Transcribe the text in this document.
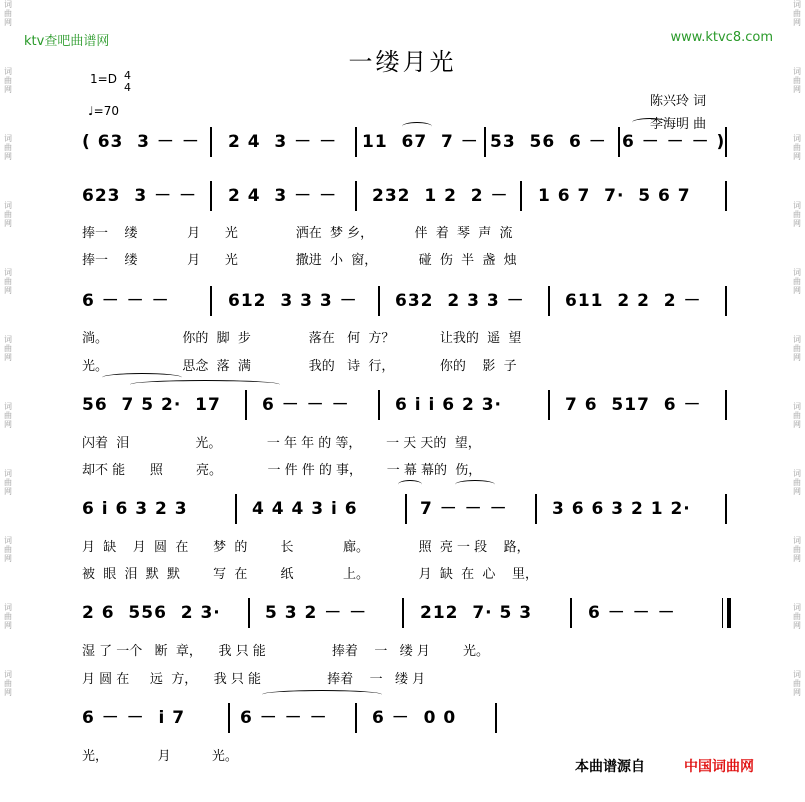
词
曲
网
词
曲
网
词
曲
网
词
曲
网
词
曲
网
词
曲
网
词
曲
网
词
曲
网
词
曲
网
词
曲
网
词
曲
网
词
曲
网
词
曲
网
词
曲
网
词
曲
网
词
曲
网
词
曲
网
词
曲
网
词
曲
网
词
曲
网
词
曲
网
词
曲
网
ktv查吧曲谱网	www.ktvc8.com
一缕月光
1=D 4
4
♩=70
陈兴玲 词
李海明 曲
( 63  3 － － 2 4  3 － － 11  67  7 － 53  56  6 － 6 － － － )
623  3 － － 2 4  3 － － 232  1 2  2 － 1 6 7  7·  5 6 7
捧一    缕            月      光              洒在  梦 乡，          伴  着  琴  声  流
捧一    缕            月      光              撒进  小  窗，          碰  伤  半  盏  烛
6 － － －	612  3 3 3 － 632  2 3 3 － 611  2 2  2 －
淌。                  你的  脚  步              落在   何  方？           让我的  遥  望
光。                  思念  落  满              我的   诗  行，           你的    影  子
56  7 5 2·  17 6 － － －	6 i i 6 2 3·	7 6  517  6 －
闪着  泪                光。           一 年 年 的 等，      一 天 天的  望，
却不 能      照        亮。           一 件 件 的 事，      一 幕 幕的  伤，
6 i 6 3 2 3	4 4 4 3 i 6	7 － － －	3 6 6 3 2 1 2·
月  缺    月  圆  在      梦  的        长            廊。            照  亮 一 段    路，
被  眼  泪  默  默        写  在        纸            上。            月  缺  在  心    里，
2 6  556  2 3·	5 3 2 － －	212  7· 5 3	6 － － －
湿 了 一个   断  章，    我 只 能                捧着    一   缕 月        光。
月 圆 在     远  方，    我 只 能                捧着    一   缕 月
6 － －  i 7	6 － － －	6 －  0 0
光，            月          光。
本曲谱源自	中国词曲网
